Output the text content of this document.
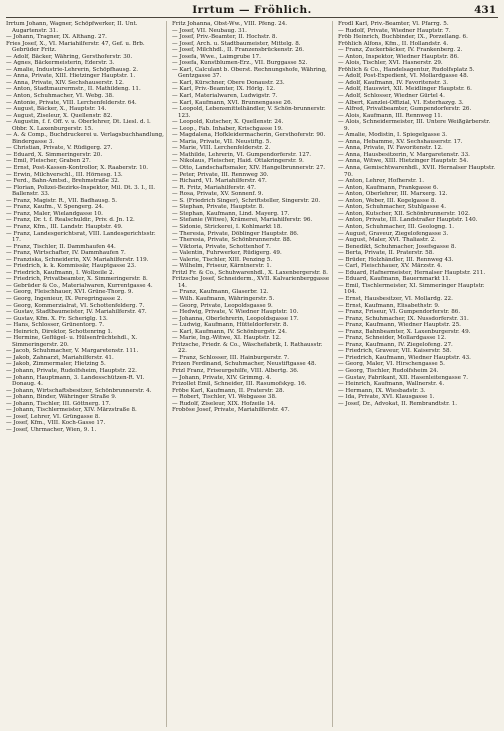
Irrtum — Fröhlich.	431

Irrtum Johann, Wagner, Schöpfwerker, II. Unt. Augartenstr. 31.

— Johann, Tragner, IX. Althang. 27.

Fries Josef, X., VI. Mariahilferstr. 47, Gef. u. Brb. Gebrüder Fritz.

— Adolf, Bäcker, Währing, Gersthoferstr. 30.

— Agnes, Bäckermeisterin, Ederstr. 3.

— Amalie, Industrie-Lehrerin, Schöpfhausg. 2.

— Anna, Private, XIII. Hietzinger Hauptstr. 1.

— Anna, Private, XIV. Sechshauserstr. 12.

— Anton, Stadtmaurermstr., II. Mathildeng. 11.

— Anton, Schuhmacher, VI. Webg. 38.

— Antonie, Private, VIII. Lerchenfelderstr. 64.

— August, Bäcker, X., Hauptstr. 14.

— August, Ziseleur, X. Quellenstr. 82.

— Augustin, f. f. Off. v. u. Oberlehrer, Dt. Liesl. d. l. Obbr. X. Laxenburgerstr. 15.

— A. & Comp., Buchdruckerei u. Verlagsbuchhandlung, Bindergasse 3.

— Christian, Private, V. Rüdigerg. 27.

— Eduard, X. Simmeringerstr. 20.

— Emil, Fleischer, Graben 27.

— Ernst, Post-Kassen-Kontrollor, X. Raaberstr. 10.

— Erwin, Milchverschl., III. Hörnesg. 13.

— Ferd., Bahn-Amtsd., Brehmstraße 32.

— Florian, Polizei-Bezirks-Inspektor, Mil. Dt. 3. I., II. Ballenstr. 33.

— Franz, Magistr. R., VII. Badhausg. 5.

— Franz, Kaufm., V. Spengerg. 24.

— Franz, Maler, Wielandgasse 10.

— Franz, Dr. t. f. Realschuldir., Priv. d. Jn. 12.

— Franz, Kfm., III. Landstr. Hauptstr. 49.

— Franz, Landesgerichtsrat, VIII. Landesgerichtsstr. 17.

— Franz, Tischler, II. Dammhaufen 44.

— Franz, Wirtschafter, IV. Dammhaufen 7.

— Franziska, Schneiderin, XV. Mariahilferstr. 119.

— Friedrich, k. k. Kommissär, Hauptgasse 23.

— Friedrich, Kaufmann, I. Wollzeile 2.

— Friedrich, Privatbeamter, X. Simmeringerstr. 8.

— Gebrüder & Co., Materialwaren, Kurrentgasse 4.

— Georg, Fleischhauer, XVI. Grüne-Thorg. 9.

— Georg, Ingenieur, IX. Peregringasse 2.

— Georg, Kommerzialrat, VI. Schottenfelderg. 7.

— Gustav, Stadtbaumeister, IV. Mariahilferstr. 47.

— Gustav, Kfm. X. Fr. Scheriglg. 13.

— Hans, Schlosser, Grünentorg. 7.

— Heinrich, Direktor, Schottenring 1.

— Hermine, Geflügel- u. Hülsenfrüchtehdl., X. Simmeringerstr. 20.

— Jacob, Schuhmacher, V. Margaretenstr. 111.

— Jakob, Zahnarzt, Mariahilferstr. 41.

— Jakob, Zimmermaler, Hietzing 5.

— Johann, Private, Rudolfsheim, Hauptstr. 22.

— Johann, Hauptmann, 3. Landesschützen-R. VI. Donaug. 4.

— Johann, Wirtschaftsbesitzer, Schönbrunnerstr. 4.

— Johann, Binder, Währinger Straße 9.

— Johann, Tischler, III. Göttnerg. 17.

— Johann, Tischlermeister, XIV. Märzstraße 8.

— Josef, Lehrer, VI. Grüngasse 8.

— Josef, Kfm., VIII. Koch-Gasse 17.

— Josef, Uhrmacher, Wien, 9. 1.

Fritz Johanna, Obst-Ww., VIII. Pfeng. 24.

— Josef, VII. Neubaug. 31.

— Josef, Priv.-Beamter, II. Hochstr. 8.

— Josef, Arch. u. Stadtbaumeister, Mittelg. 8.

— Josef, Milchhdl., II. Franzensbrückenstr. 26.

— Josefa, Wwe., Laimgrube 17.

— Josefa, Kunstblumen-Erz., VII. Burggasse 52.

— Karl, Calculant b. Oberst. Rechnungshofe, Währing, Gentzgasse 37.

— Karl, Kürschner, Obere Donaustr. 23.

— Karl, Priv.-Beamter, IX. Hörlg. 12.

— Karl, Materialwaren, Ludwigstr. 7.

— Karl, Kaufmann, XVI. Brunnengasse 26.

— Leopold, Lebensmittelhändler, V. Schön-brunnerstr. 123.

— Leopold, Kutscher, X. Quellenstr. 24.

— Leop., Fab. Inhaber, Krischgasse 19.

— Magdalena, Hofkleidermacherin, Gersthoferstr. 90.

— Maria, Private, VII. Neustiftg. 5.

— Marie, VIII. Lerchenfelderstr. 2.

— Mathilde, Lehrerin, VI. Gumpendorferstr. 127.

— Nikolaus, Fleischer, Haid. Ottakringerstr. 9.

— Otto, Landschaftsmaler, XIV. Hangelbrunnerstr. 27.

— Peter, Private, III. Rennweg 30.

— Richard, VI. Mariahilferstr. 47.

— R. Fritz, Mariahilferstr. 47.

— Rosa, Private, XV. Sonnenf. 9.

— S. (Friedrich Singer), Schriftsteller, Singerstr. 20.

— Stephan, Private, Hauptstr. 8.

— Stephan, Kaufmann, Lind. Mayerg. 17.

— Stefanie (Witwe), Krämerei, Mariahilferstr. 96.

— Sidonie, Strickerei, I. Kohlmarkt 18.

— Theresia, Private, Döblinger Hauptstr. 86.

— Theresia, Private, Schönbrunnerstr. 88.

— Viktoria, Private, Schottenhof 7.

— Valentin, Fuhrwerker, Rüdigerg. 49.

— Valerie, Tischler, XIII. Penzing 5.

— Wilhelm, Friseur, Kärntnerstr. 1.

Fritzl Fr. & Co., Schuhwarenhdl., X. Laxenbergerstr. 8.

Fritzsche Josef, Schneiderm., XVII. Kalvarienberggasse 14.

— Franz, Kaufmann, Glaserbr. 12.

— Wilh. Kaufmann, Währingerstr. 5.

— Georg, Private, Leopoldsgasse 9.

— Hedwig, Private, V. Wiedner Hauptstr. 10.

— Johanna, Oberlehrerin, Leopoldsgasse 17.

— Ludwig, Kaufmann, Hütteldorferstr. 8.

— Karl, Kaufmann, IV. Schönburgstr. 24.

— Marie, Ing.-Witwe, XI. Hauptstr. 12.

Fritzsche, Friedr. & Co., Wäschefabrik, I. Rathausstr. 22.

— Franz, Schlosser, III. Hainburgerstr. 7.

Frizen Ferdinand, Schuhmacher, Neustiftgasse 48.

Frizl Franz, Friseurgehilfe, VIII. Albertg. 36.

— Johann, Private, XIV. Grimmg. 4.

Frizollet Emil, Schneider, III. Rasumofskyg. 16.

Fröbe Karl, Kaufmann, II. Praterstr. 28.

— Robert, Tischler, VI. Webgasse 38.

— Rudolf, Ziseleur, XIX. Hofzeile 14.

Froböse Josef, Private, Mariahilferstr. 47.

Frodl Karl, Priv.-Beamter, Vl. Pfarrg. 5.

— Rudolf, Private, Wiedner Hauptstr. 7.

Fröb Heinrich, Buchbinder, IX., Porzellang. 6.

Fröhlich Alfons, Kfm., II. Hollandstr. 4.

— Franz, Zuckerbäcker, IV. Frankenberg. 2.

— Anton, Inspektor, Wiedner Hauptstr. 86.

— Alois, Tischler, XVI. Hasnerstr. 29.

Fröhlich & Co., Handelsagentur, Rudolfsplatz 5.

— Adolf, Post-Expedient, VI. Mollardgasse 48.

— Adolf, Kaufmann, IV. Favoritenstr. 3.

— Adolf, Hauswirt, XII. Meidlinger Hauptstr. 6.

— Adolf, Schlosser, Wiedner Gürtel 4.

— Albert, Kanzlei-Offizial, VI. Esterhazyg. 3.

— Alfred, Privatbeamter, Gumpendorferstr. 26.

— Alois, Kaufmann, III. Rennweg 11.

— Alois, Schneidermeister, III. Untere Weißgärberstr. 9.

— Amalie, Modistin, I. Spiegelgasse 3.

— Anna, Hebamme, XV. Sechshauserstr. 17.

— Anna, Private, IV. Favoritenstr. 12.

— Anna, Hausbesitzerin, V. Margaretenstr. 33.

— Anna, Witwe, XIII. Hietzinger Hauptstr. 54.

— Anna, Gemischtwarenhdl., XVII. Hernalser Hauptstr. 70.

— Anton, Lehrer, Hofherstr. 1.

— Anton, Kaufmann, Frankgasse 6.

— Anton, Oberlehrer, III. Marxerg. 12.

— Anton, Weber, III. Kegelgasse 8.

— Anton, Schuhmacher, Stuhlgasse 4.

— Anton, Kutscher, XII. Schönbrunnerstr. 102.

— Anton, Private, III. Landstraßer Hauptstr. 140.

— Anton, Schuhmacher, III. Geologng. 1.

— August, Graveur, Ziegelofengasse 3.

— August, Maler, XVI. Thaliastr. 2.

— Benedikt, Schuhmacher, Josefsgasse 8.

— Berta, Private, II. Praterstr. 58.

— Brüder, Holzhändler, III. Rennweg 43.

— Carl, Fleischhauer, XV. Märzstr. 4.

— Eduard, Hafnermeister, Hernalser Hauptstr. 211.

— Eduard, Kaufmann, Bauernmarkt 11.

— Emil, Tischlermeister, XI. Simmeringer Hauptstr. 104.

— Ernst, Hausbesitzer, VI. Mollardg. 22.

— Ernst, Kaufmann, Elisabethstr. 9.

— Franz, Friseur, VI. Gumpendorferstr. 86.

— Franz, Schuhmacher, IX. Nussdorferstr. 31.

— Franz, Kaufmann, Wiedner Hauptstr. 25.

— Franz, Bahnbeamter, X. Laxenburgerstr. 49.

— Franz, Schneider, Mollardgasse 12.

— Franz, Kaufmann, IV. Ziegelofeng. 27.

— Friedrich, Graveur, VII. Kaiserstr. 58.

— Friedrich, Kaufmann, Wiedner Hauptstr. 43.

— Georg, Maler, VI. Hirschengasse 5.

— Georg, Tischler, Rudolfsheim 24.

— Gustav, Fabrikant, XII. Hasenleitengasse 7.

— Heinrich, Kaufmann, Wallnerstr. 4.

— Hermann, IX. Wiesbadstr. 3.

— Ida, Private, XVI. Klausgasse 1.

— Josef, Dr., Advokat, II. Rembrandtstr. 1.
